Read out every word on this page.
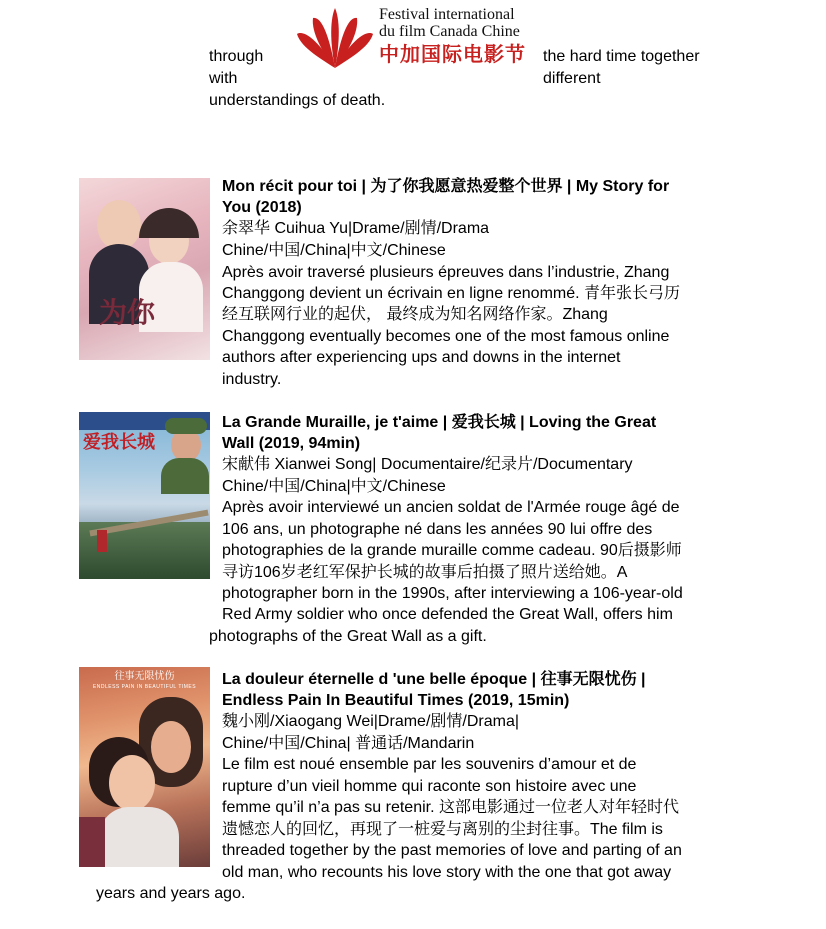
Festival international
du film Canada Chine
中加国际电影节
through
with
understandings of death.
the hard time together
different
为你
Mon récit pour toi | 为了你我愿意热爱整个世界 | My Story for
You (2018)
余翠华 Cuihua Yu|Drame/剧情/Drama
Chine/中国/China|中文/Chinese
Après avoir traversé plusieurs épreuves dans l’industrie, Zhang
Changgong devient un écrivain en ligne renommé. 青年张长弓历
经互联网行业的起伏， 最终成为知名网络作家。Zhang
Changgong eventually becomes one of the most famous online
authors after experiencing ups and downs in the internet
industry.
爱我长城
La Grande Muraille, je t'aime | 爱我长城 | Loving the Great
Wall (2019, 94min)
宋献伟 Xianwei Song| Documentaire/纪录片/Documentary
Chine/中国/China|中文/Chinese
Après avoir interviewé un ancien soldat de l'Armée rouge âgé de
106 ans, un photographe né dans les années 90 lui offre des
photographies de la grande muraille comme cadeau. 90后摄影师
寻访106岁老红军保护长城的故事后拍摄了照片送给她。A
photographer born in the 1990s, after interviewing a 106-year-old
Red Army soldier who once defended the Great Wall, offers him
photographs of the Great Wall as a gift.
往事无限忧伤
ENDLESS PAIN IN BEAUTIFUL TIMES	La douleur éternelle d 'une belle époque | 往事无限忧伤 |
Endless Pain In Beautiful Times (2019, 15min)
魏小刚/Xiaogang Wei|Drame/剧情/Drama|
Chine/中国/China| 普通话/Mandarin
Le film est noué ensemble par les souvenirs d’amour et de
rupture d’un vieil homme qui raconte son histoire avec une
femme qu’il n’a pas su retenir. 这部电影通过一位老人对年轻时代
遗憾恋人的回忆，再现了一桩爱与离别的尘封往事。The film is
threaded together by the past memories of love and parting of an
old man, who recounts his love story with the one that got away
years and years ago.
